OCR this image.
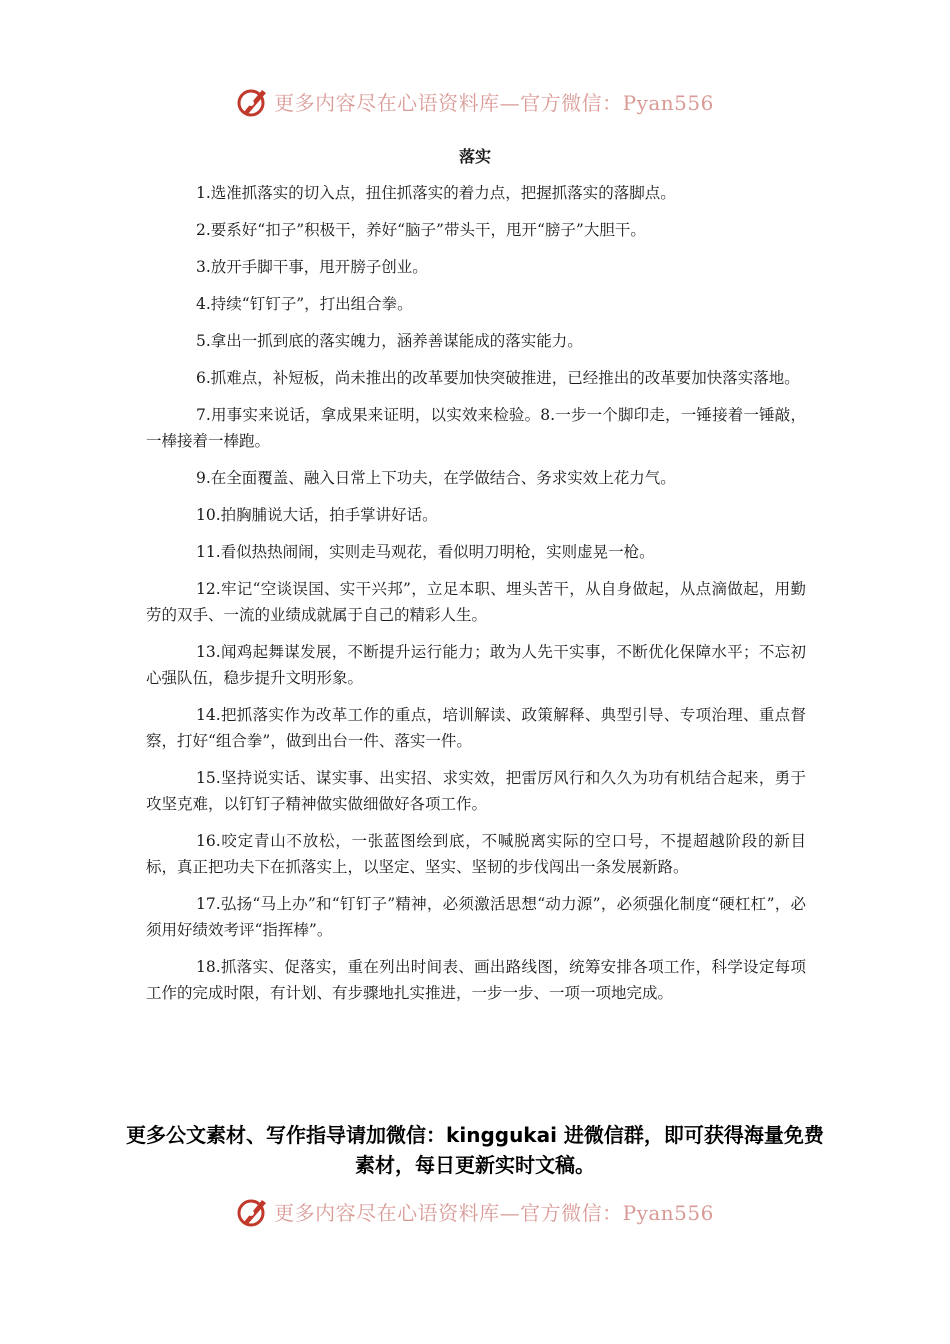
更多内容尽在心语资料库—官方微信：Pyan556
落实

1.选准抓落实的切入点，扭住抓落实的着力点，把握抓落实的落脚点。

2.要系好“扣子”积极干，养好“脑子”带头干，甩开“膀子”大胆干。

3.放开手脚干事，甩开膀子创业。

4.持续“钉钉子”，打出组合拳。

5.拿出一抓到底的落实魄力，涵养善谋能成的落实能力。

6.抓难点，补短板，尚未推出的改革要加快突破推进，已经推出的改革要加快落实落地。

7.用事实来说话，拿成果来证明，以实效来检验。8.一步一个脚印走，一锤接着一锤敲，一棒接着一棒跑。

9.在全面覆盖、融入日常上下功夫，在学做结合、务求实效上花力气。

10.拍胸脯说大话，拍手掌讲好话。

11.看似热热闹闹，实则走马观花，看似明刀明枪，实则虚晃一枪。

12.牢记“空谈误国、实干兴邦”，立足本职、埋头苦干，从自身做起，从点滴做起，用勤劳的双手、一流的业绩成就属于自己的精彩人生。

13.闻鸡起舞谋发展，不断提升运行能力；敢为人先干实事，不断优化保障水平；不忘初心强队伍，稳步提升文明形象。

14.把抓落实作为改革工作的重点，培训解读、政策解释、典型引导、专项治理、重点督察，打好“组合拳”，做到出台一件、落实一件。

15.坚持说实话、谋实事、出实招、求实效，把雷厉风行和久久为功有机结合起来，勇于攻坚克难，以钉钉子精神做实做细做好各项工作。

16.咬定青山不放松，一张蓝图绘到底，不喊脱离实际的空口号，不提超越阶段的新目标，真正把功夫下在抓落实上，以坚定、坚实、坚韧的步伐闯出一条发展新路。

17.弘扬“马上办”和“钉钉子”精神，必须激活思想“动力源”，必须强化制度“硬杠杠”，必须用好绩效考评“指挥棒”。

18.抓落实、促落实，重在列出时间表、画出路线图，统筹安排各项工作，科学设定每项工作的完成时限，有计划、有步骤地扎实推进，一步一步、一项一项地完成。

更多公文素材、写作指导请加微信：kinggukai 进微信群，即可获得海量免费素材，每日更新实时文稿。
更多内容尽在心语资料库—官方微信：Pyan556
